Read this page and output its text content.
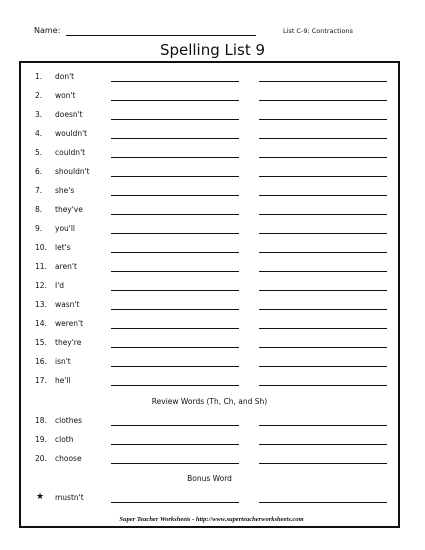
Name:	List C-9: Contractions
Spelling List 9
1. don't
2. won't
3. doesn't
4. wouldn't
5. couldn't
6. shouldn't
7. she's
8. they've
9. you'll
10. let's
11. aren't
12. I'd
13. wasn't
14. weren't
15. they're
16. isn't
17. he'll
Review Words (Th, Ch, and Sh)
18. clothes
19. cloth
20. choose
Bonus Word
★ mustn't
Super Teacher Worksheets - http://www.superteacherworksheets.com
